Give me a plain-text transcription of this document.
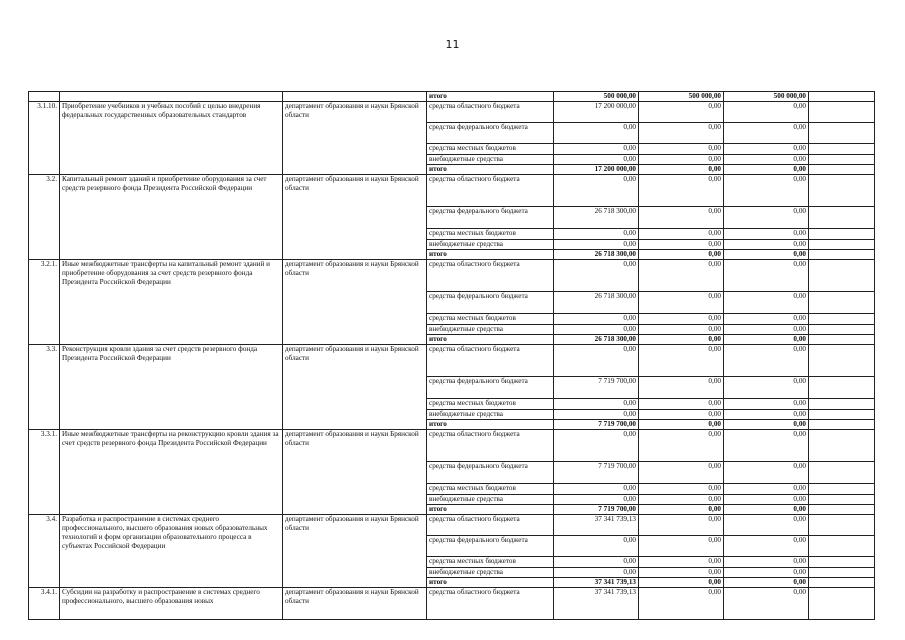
11
			итого	500 000,00	500 000,00	500 000,00	
3.1.10.	Приобретение учебников и учебных пособий с целью внедрения федеральных государственных образовательных стандартов	департамент образования и науки Брянской области	средства областного бюджета	17 200 000,00	0,00	0,00	
			средства федерального бюджета	0,00	0,00	0,00	
			средства местных бюджетов	0,00	0,00	0,00	
			внебюджетные средства	0,00	0,00	0,00	
			итого	17 200 000,00	0,00	0,00	
3.2.	Капитальный ремонт зданий и приобретение оборудования за счет средств резервного фонда Президента Российской Федерации	департамент образования и науки Брянской области	средства областного бюджета	0,00	0,00	0,00	
			средства федерального бюджета	26 718 300,00	0,00	0,00	
			средства местных бюджетов	0,00	0,00	0,00	
			внебюджетные средства	0,00	0,00	0,00	
			итого	26 718 300,00	0,00	0,00	
3.2.1.	Иные межбюджетные трансферты на капитальный ремонт зданий и приобретение оборудования за счет средств резервного фонда Президента Российской Федерации	департамент образования и науки Брянской области	средства областного бюджета	0,00	0,00	0,00	
			средства федерального бюджета	26 718 300,00	0,00	0,00	
			средства местных бюджетов	0,00	0,00	0,00	
			внебюджетные средства	0,00	0,00	0,00	
			итого	26 718 300,00	0,00	0,00	
3.3.	Реконструкция кровли здания за счет средств резервного фонда Президента Российской Федерации	департамент образования и науки Брянской области	средства областного бюджета	0,00	0,00	0,00	
			средства федерального бюджета	7 719 700,00	0,00	0,00	
			средства местных бюджетов	0,00	0,00	0,00	
			внебюджетные средства	0,00	0,00	0,00	
			итого	7 719 700,00	0,00	0,00	
3.3.1.	Иные межбюджетные трансферты на реконструкцию кровли здания за счет средств резервного фонда Президента Российской Федерации	департамент образования и науки Брянской области	средства областного бюджета	0,00	0,00	0,00	
			средства федерального бюджета	7 719 700,00	0,00	0,00	
			средства местных бюджетов	0,00	0,00	0,00	
			внебюджетные средства	0,00	0,00	0,00	
			итого	7 719 700,00	0,00	0,00	
3.4.	Разработка и распространение в системах среднего профессионального, высшего образования новых образовательных технологий и форм организации образовательного процесса в субъектах Российской Федерации	департамент образования и науки Брянской области	средства областного бюджета	37 341 739,13	0,00	0,00	
			средства федерального бюджета	0,00	0,00	0,00	
			средства местных бюджетов	0,00	0,00	0,00	
			внебюджетные средства	0,00	0,00	0,00	
			итого	37 341 739,13	0,00	0,00	
3.4.1.	Субсидии на разработку и распространение в системах среднего профессионального, высшего образования новых	департамент образования и науки Брянской области	средства областного бюджета	37 341 739,13	0,00	0,00	
